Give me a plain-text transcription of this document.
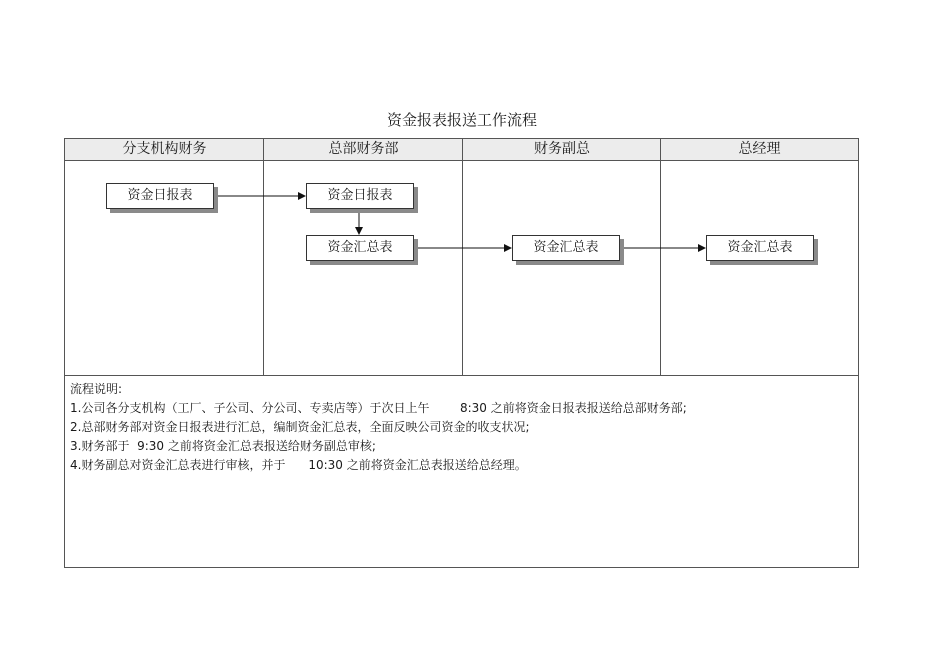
资金报表报送工作流程
分支机构财务	总部财务部	财务副总	总经理
资金日报表	资金日报表
资金汇总表	资金汇总表	资金汇总表
流程说明:
1.公司各分支机构（工厂、子公司、分公司、专卖店等）于次日上午        8:30 之前将资金日报表报送给总部财务部;
2.总部财务部对资金日报表进行汇总，编制资金汇总表，全面反映公司资金的收支状况;
3.财务部于  9:30 之前将资金汇总表报送给财务副总审核;
4.财务副总对资金汇总表进行审核，并于      10:30 之前将资金汇总表报送给总经理。
